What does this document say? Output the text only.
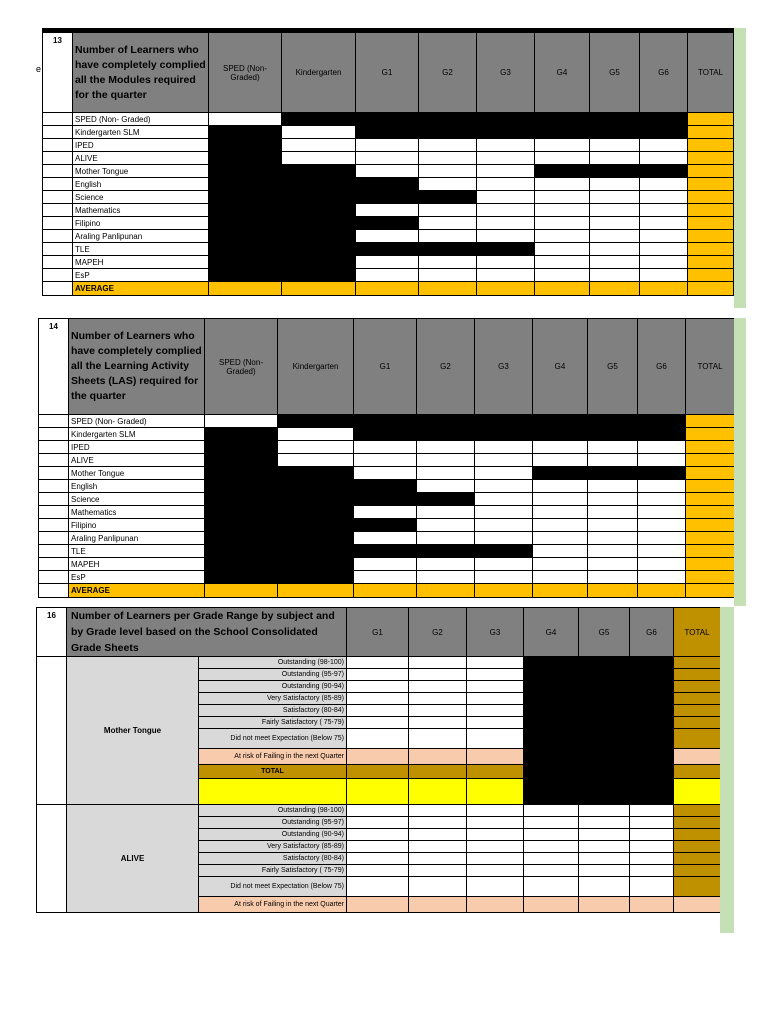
e

13	Number of Learners who have completely complied all the Modules required for the quarter	SPED (Non-Graded)	Kindergarten	G1	G2	G3	G4	G5	G6	TOTAL
	SPED (Non- Graded)									
	Kindergarten SLM									
	IPED									
	ALIVE									
	Mother Tongue									
	English									
	Science									
	Mathematics									
	Filipino									
	Araling Panlipunan									
	TLE									
	MAPEH									
	EsP									
	AVERAGE									
14	Number of Learners who have completely complied all the Learning Activity Sheets (LAS) required for the quarter	SPED (Non-Graded)	Kindergarten	G1	G2	G3	G4	G5	G6	TOTAL
	SPED (Non- Graded)									
	Kindergarten SLM									
	IPED									
	ALIVE									
	Mother Tongue									
	English									
	Science									
	Mathematics									
	Filipino									
	Araling Panlipunan									
	TLE									
	MAPEH									
	EsP									
	AVERAGE									
16	Number of Learners per Grade Range by subject and by Grade level based on the School Consolidated Grade Sheets		G1	G2	G3	G4	G5	G6	TOTAL
	Mother Tongue	Outstanding (98-100)							
		Outstanding (95-97)							
		Outstanding (90-94)							
		Very Satisfactory (85-89)							
		Satisfactory (80-84)							
		Fairly Satisfactory ( 75-79)							
		Did not meet Expectation (Below 75)							
		At risk of Failing in the next Quarter							
		TOTAL							

	ALIVE	Outstanding (98-100)							
		Outstanding (95-97)							
		Outstanding (90-94)							
		Very Satisfactory (85-89)							
		Satisfactory (80-84)							
		Fairly Satisfactory ( 75-79)							
		Did not meet Expectation (Below 75)							
		At risk of Failing in the next Quarter							
